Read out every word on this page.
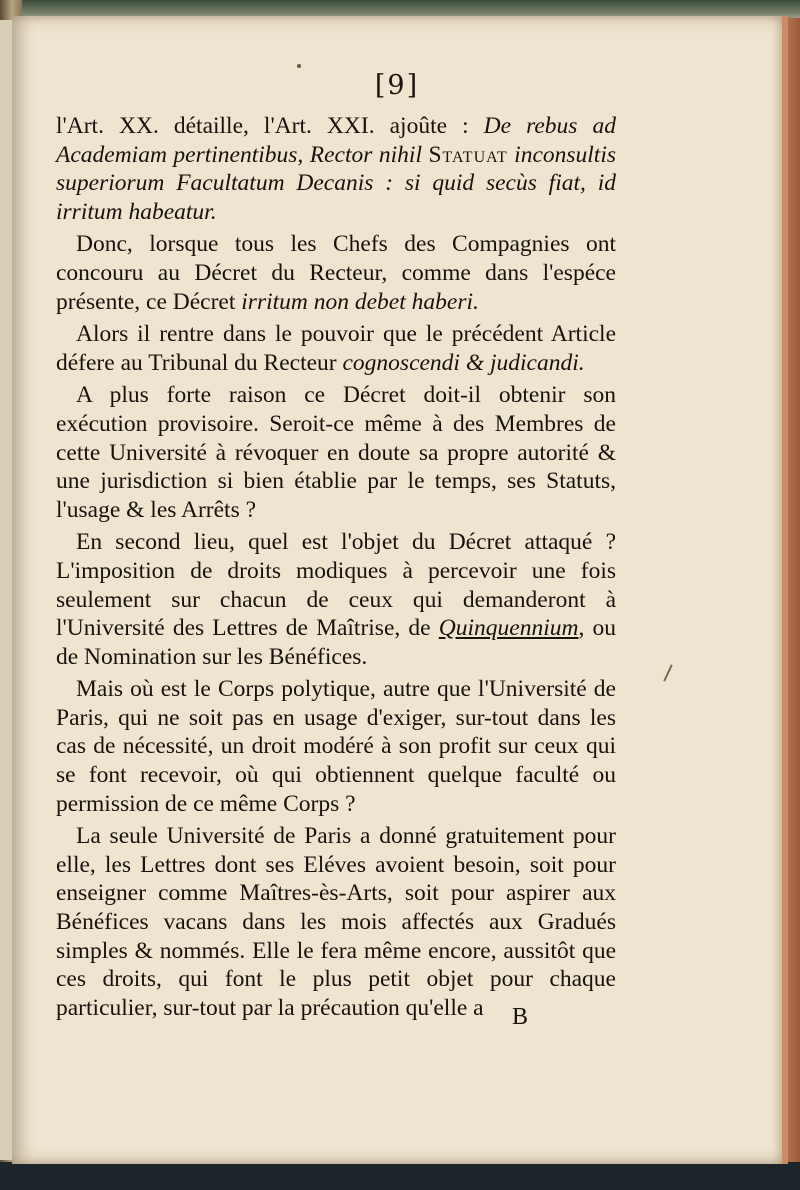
[9]

l'Art. XX. détaille, l'Art. XXI. ajoûte : De rebus ad Academiam pertinentibus, Rector nihil Statuat inconsultis superiorum Facultatum Decanis : si quid secùs fiat, id irritum habeatur.

Donc, lorsque tous les Chefs des Compagnies ont concouru au Décret du Recteur, comme dans l'espéce présente, ce Décret irritum non debet haberi.

Alors il rentre dans le pouvoir que le précédent Article défere au Tribunal du Recteur cognoscendi & judicandi.

A plus forte raison ce Décret doit-il obtenir son exécution provisoire. Seroit-ce même à des Membres de cette Université à révoquer en doute sa propre autorité & une jurisdiction si bien établie par le temps, ses Statuts, l'usage & les Arrêts ?

En second lieu, quel est l'objet du Décret attaqué ? L'imposition de droits modiques à percevoir une fois seulement sur chacun de ceux qui demanderont à l'Université des Lettres de Maîtrise, de Quinquennium, ou de Nomination sur les Bénéfices.

Mais où est le Corps polytique, autre que l'Université de Paris, qui ne soit pas en usage d'exiger, sur-tout dans les cas de nécessité, un droit modéré à son profit sur ceux qui se font recevoir, où qui obtiennent quelque faculté ou permission de ce même Corps ?

La seule Université de Paris a donné gratuitement pour elle, les Lettres dont ses Eléves avoient besoin, soit pour enseigner comme Maîtres-ès-Arts, soit pour aspirer aux Bénéfices vacans dans les mois affectés aux Gradués simples & nommés. Elle le fera même encore, aussitôt que ces droits, qui font le plus petit objet pour chaque particulier, sur-tout par la précaution qu'elle a	B
